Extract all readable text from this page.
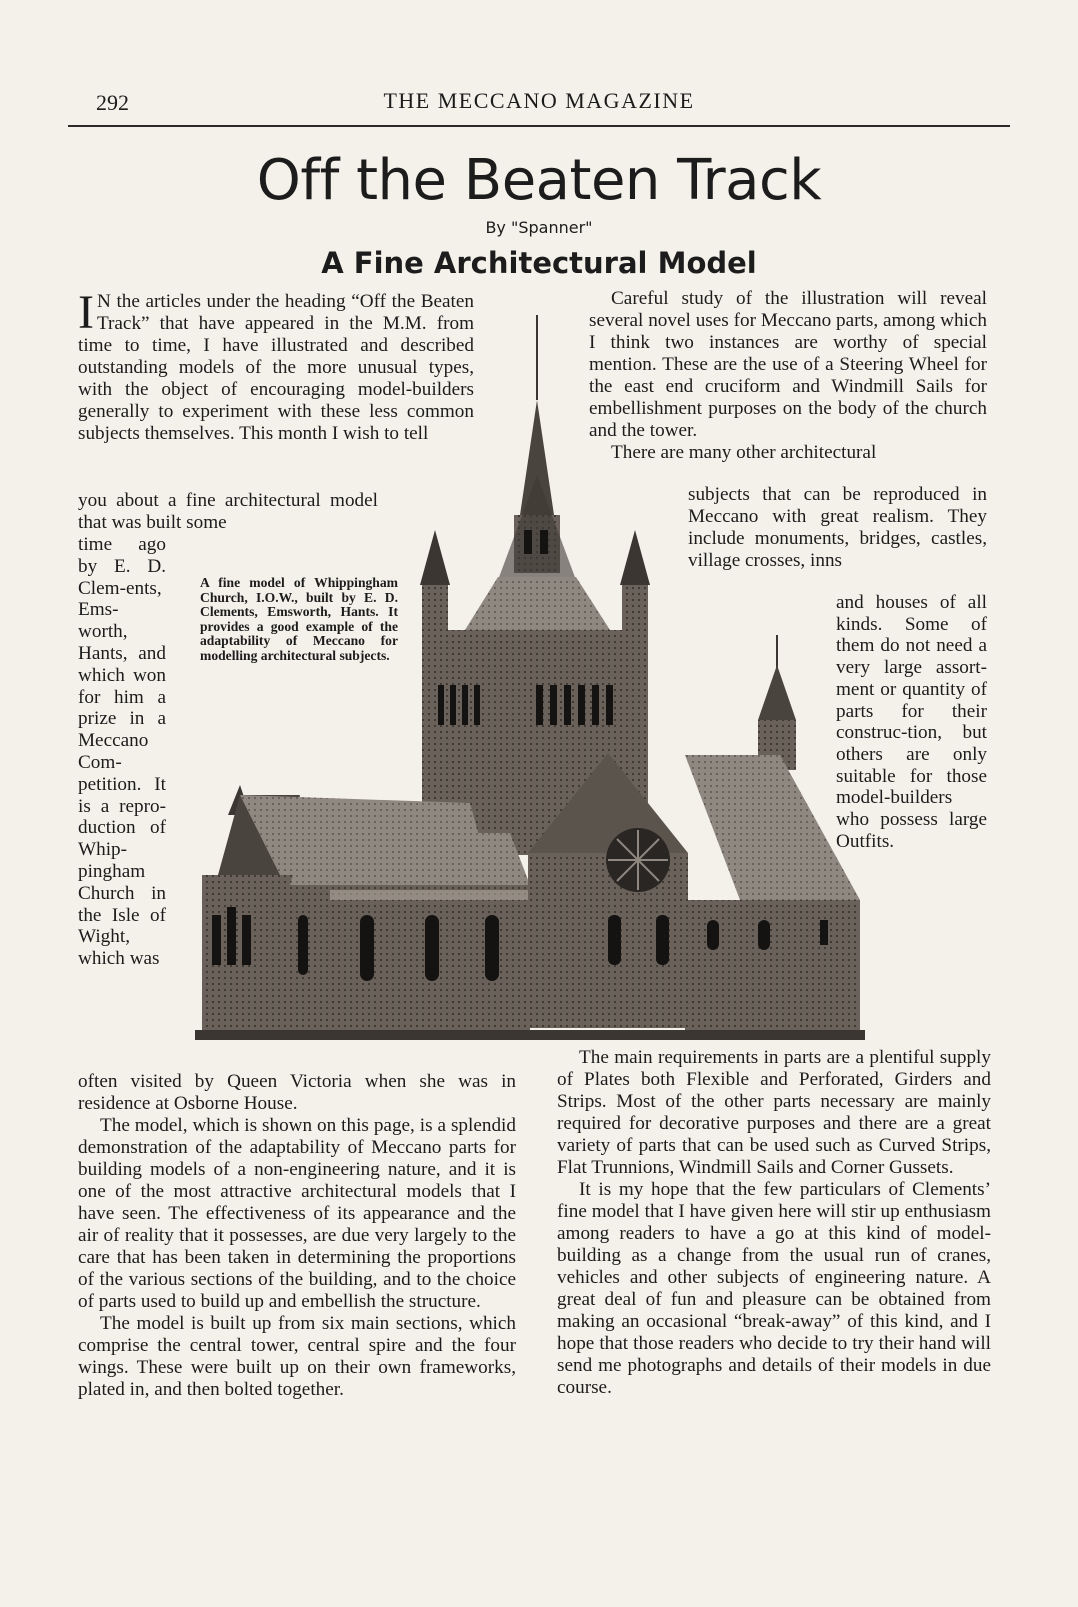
292	THE MECCANO MAGAZINE
Off the Beaten Track
By "Spanner"
A Fine Architectural Model
I N the articles under the heading “Off the Beaten Track” that have appeared in the M.M. from time to time, I have illustrated and described outstanding models of the more unusual types, with the object of encouraging model-builders generally to experiment with these less common subjects themselves. This month I wish to tell
you about a fine architectural model that was built some
time ago by E. D. Clem-ents, Ems-worth, Hants, and which won for him a prize in a Meccano Com-petition. It is a repro-duction of Whip-pingham Church in the Isle of Wight, which was

often visited by Queen Victoria when she was in residence at Osborne House.

The model, which is shown on this page, is a splendid demonstration of the adaptability of Meccano parts for building models of a non-engineering nature, and it is one of the most attractive architectural models that I have seen. The effectiveness of its appearance and the air of reality that it possesses, are due very largely to the care that has been taken in determining the proportions of the various sections of the building, and to the choice of parts used to build up and embellish the structure.

The model is built up from six main sections, which comprise the central tower, central spire and the four wings. These were built up on their own frameworks, plated in, and then bolted together.

Careful study of the illustration will reveal several novel uses for Meccano parts, among which I think two instances are worthy of special mention. These are the use of a Steering Wheel for the east end cruciform and Windmill Sails for embellishment purposes on the body of the church and the tower.

There are many other architectural

subjects that can be reproduced in Meccano with great realism. They include monuments, bridges, castles, village crosses, inns
and houses of all kinds. Some of them do not need a very large assort-ment or quantity of parts for their construc-tion, but others are only suitable for those model-builders who possess large Outfits.

The main requirements in parts are a plentiful supply of Plates both Flexible and Perforated, Girders and Strips. Most of the other parts necessary are mainly required for decorative purposes and there are a great variety of parts that can be used such as Curved Strips, Flat Trunnions, Windmill Sails and Corner Gussets.

It is my hope that the few particulars of Clements’ fine model that I have given here will stir up enthusiasm among readers to have a go at this kind of model-building as a change from the usual run of cranes, vehicles and other subjects of engineering nature. A great deal of fun and pleasure can be obtained from making an occasional “break-away” of this kind, and I hope that those readers who decide to try their hand will send me photographs and details of their models in due course.

A fine model of Whippingham Church, I.O.W., built by E. D. Clements, Emsworth, Hants. It provides a good example of the adaptability of Meccano for modelling architectural subjects.
